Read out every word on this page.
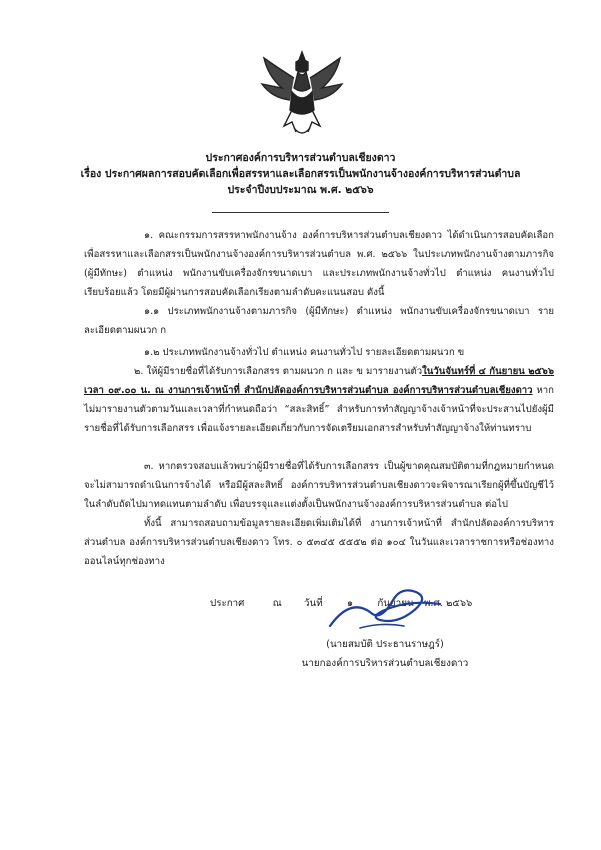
ประกาศองค์การบริหารส่วนตำบลเชียงดาว
เรื่อง ประกาศผลการสอบคัดเลือกเพื่อสรรหาและเลือกสรรเป็นพนักงานจ้างองค์การบริหารส่วนตำบล
ประจำปีงบประมาณ พ.ศ. ๒๕๖๖
๑. คณะกรรมการสรรหาพนักงานจ้าง องค์การบริหารส่วนตำบลเชียงดาว ได้ดำเนินการสอบคัดเลือกเพื่อสรรหาและเลือกสรรเป็นพนักงานจ้างองค์การบริหารส่วนตำบล พ.ศ. ๒๕๖๖ ในประเภทพนักงานจ้างตามภารกิจ (ผู้มีทักษะ) ตำแหน่ง พนักงานขับเครื่องจักรขนาดเบา และประเภทพนักงานจ้างทั่วไป ตำแหน่ง คนงานทั่วไป เรียบร้อยแล้ว โดยมีผู้ผ่านการสอบคัดเลือกเรียงตามลำดับคะแนนสอบ ดังนี้
๑.๑ ประเภทพนักงานจ้างตามภารกิจ (ผู้มีทักษะ) ตำแหน่ง พนักงานขับเครื่องจักรขนาดเบา รายละเอียดตามผนวก ก
๑.๒ ประเภทพนักงานจ้างทั่วไป ตำแหน่ง คนงานทั่วไป รายละเอียดตามผนวก ข
๒. ให้ผู้มีรายชื่อที่ได้รับการเลือกสรร ตามผนวก ก และ ข มารายงานตัวในวันจันทร์ที่ ๔ กันยายน ๒๕๖๖ เวลา ๐๙.๐๐ น. ณ งานการเจ้าหน้าที่ สำนักปลัดองค์การบริหารส่วนตำบล องค์การบริหารส่วนตำบลเชียงดาว หากไม่มารายงานตัวตามวันและเวลาที่กำหนดถือว่า “สละสิทธิ์” สำหรับการทำสัญญาจ้างเจ้าหน้าที่จะประสานไปยังผู้มีรายชื่อที่ได้รับการเลือกสรร เพื่อแจ้งรายละเอียดเกี่ยวกับการจัดเตรียมเอกสารสำหรับทำสัญญาจ้างให้ท่านทราบ
๓. หากตรวจสอบแล้วพบว่าผู้มีรายชื่อที่ได้รับการเลือกสรร เป็นผู้ขาดคุณสมบัติตามที่กฎหมายกำหนดจะไม่สามารถดำเนินการจ้างได้ หรือมีผู้สละสิทธิ์ องค์การบริหารส่วนตำบลเชียงดาวจะพิจารณาเรียกผู้ที่ขึ้นบัญชีไว้ในลำดับถัดไปมาทดแทนตามลำดับ เพื่อบรรจุและแต่งตั้งเป็นพนักงานจ้างองค์การบริหารส่วนตำบล ต่อไป
ทั้งนี้ สามารถสอบถามข้อมูลรายละเอียดเพิ่มเติมได้ที่ งานการเจ้าหน้าที่ สำนักปลัดองค์การบริหารส่วนตำบล องค์การบริหารส่วนตำบลเชียงดาว โทร. ๐ ๕๓๔๕ ๕๕๕๒ ต่อ ๑๐๔ ในวันและเวลาราชการหรือช่องทางออนไลน์ทุกช่องทาง
ประกาศ	ณ วันที่ ๑ กันยายน พ.ศ. ๒๕๖๖
(นายสมบัติ ประธานราษฎร์)
นายกองค์การบริหารส่วนตำบลเชียงดาว
